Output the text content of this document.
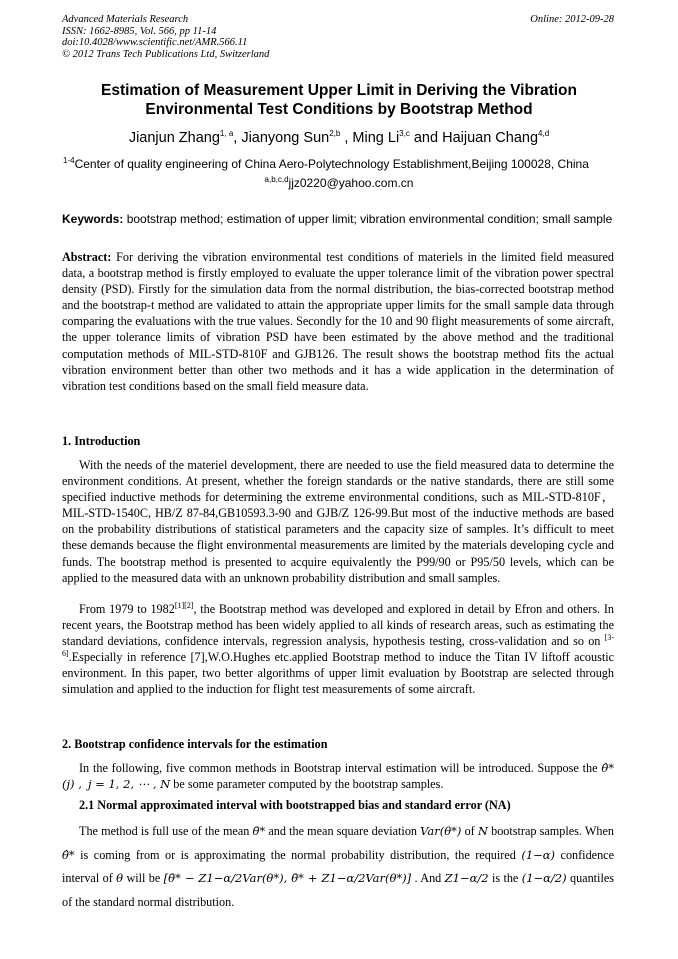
Advanced Materials Research
ISSN: 1662-8985, Vol. 566, pp 11-14
doi:10.4028/www.scientific.net/AMR.566.11
© 2012 Trans Tech Publications Ltd, Switzerland
Online: 2012-09-28
Estimation of Measurement Upper Limit in Deriving the Vibration
Environmental Test Conditions by Bootstrap Method
Jianjun Zhang$^{1, a}$, Jianyong Sun$^{2,b}$ , Ming Li$^{3,c}$ and Haijuan Chang$^{4,d}$
$^{1-4}$Center of quality engineering of China Aero-Polytechnology Establishment,Beijing 100028, China
$^{a,b,c,d}$jjz0220@yahoo.com.cn
Keywords: bootstrap method; estimation of upper limit; vibration environmental condition; small sample
Abstract: For deriving the vibration environmental test conditions of materiels in the limited field measured data, a bootstrap method is firstly employed to evaluate the upper tolerance limit of the vibration power spectral density (PSD). Firstly for the simulation data from the normal distribution, the bias-corrected bootstrap method and the bootstrap-t method are validated to attain the appropriate upper limits for the small sample data through comparing the evaluations with the true values. Secondly for the 10 and 90 flight measurements of some aircraft, the upper tolerance limits of vibration PSD have been estimated by the above method and the traditional computation methods of MIL-STD-810F and GJB126. The result shows the bootstrap method fits the actual vibration environment better than other two methods and it has a wide application in the determination of vibration test conditions based on the small field measure data.
1. Introduction
With the needs of the materiel development, there are needed to use the field measured data to determine the environment conditions. At present, whether the foreign standards or the native standards, there are still some specified inductive methods for determining the extreme environmental conditions, such as MIL-STD-810F，MIL-STD-1540C, HB/Z 87-84,GB10593.3-90 and GJB/Z 126-99.But most of the inductive methods are based on the probability distributions of statistical parameters and the capacity size of samples. It’s difficult to meet these demands because the flight environmental measurements are limited by the materials developing cycle and funds. The bootstrap method is presented to acquire equivalently the P99/90 or P95/50 levels, which can be applied to the measured data with an unknown probability distribution and small samples.
From 1979 to 1982[1][2], the Bootstrap method was developed and explored in detail by Efron and others. In recent years, the Bootstrap method has been widely applied to all kinds of research areas, such as estimating the standard deviations, confidence intervals, regression analysis, hypothesis testing, cross-validation and so on [3-6].Especially in reference [7],W.O.Hughes etc.applied Bootstrap method to induce the Titan IV liftoff acoustic environment. In this paper, two better algorithms of upper limit evaluation by Bootstrap are selected through simulation and applied to the induction for flight test measurements of some aircraft.
2. Bootstrap confidence intervals for the estimation
In the following, five common methods in Bootstrap interval estimation will be introduced. Suppose the θ̂*(j) , j = 1, 2, ⋯ , N be some parameter computed by the bootstrap samples.
2.1 Normal approximated interval with bootstrapped bias and standard error (NA)
The method is full use of the mean θ̄* and the mean square deviation Var(θ*) of N bootstrap samples. When θ̂* is coming from or is approximating the normal probability distribution, the required (1−α) confidence interval of θ will be [θ̄* − Z1−α/2Var(θ*), θ̄* + Z1−α/2Var(θ*)] . And Z1−α/2 is the (1−α/2) quantiles of the standard normal distribution.
